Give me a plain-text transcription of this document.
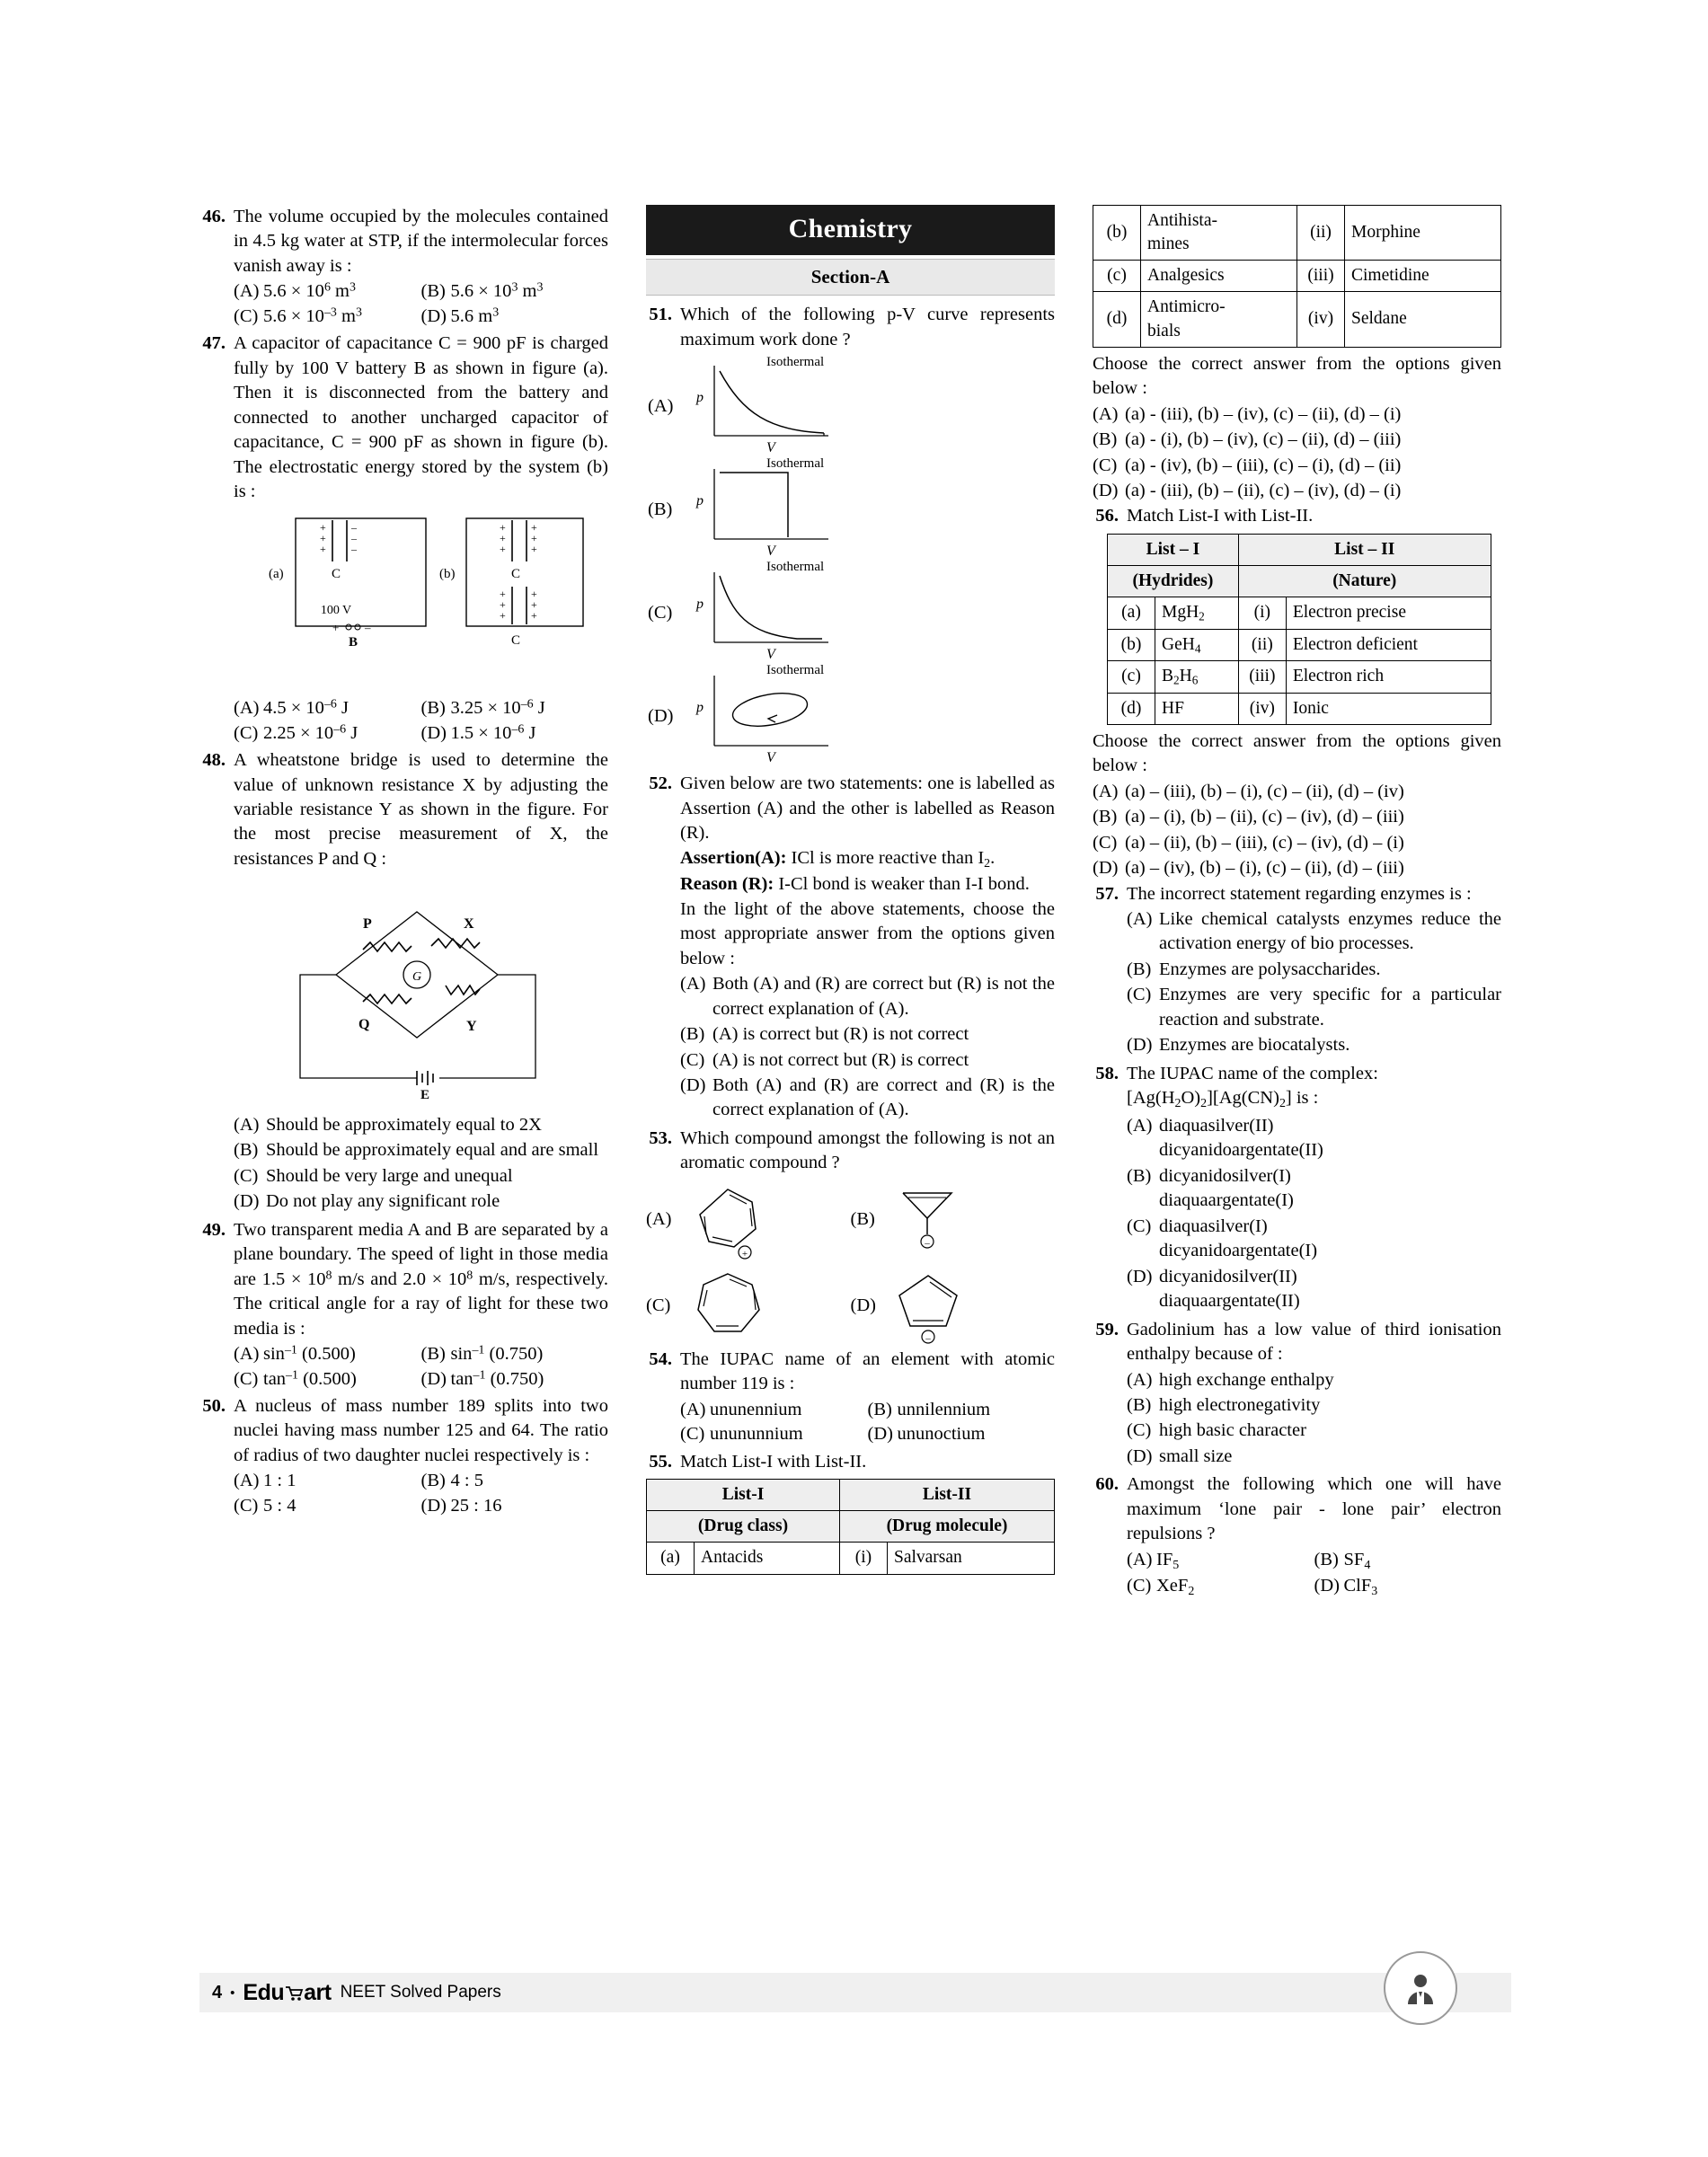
46. The volume occupied by the molecules contained in 4.5 kg water at STP, if the intermolecular forces vanish away is :
(A) $5.6 \times 10^6$ $m^3$	(B) $5.6 \times 10^3$ $m^3$
(C) $5.6 \times 10^{-3}$ $m^3$	(D) 5.6 $m^3$
47. A capacitor of capacitance C = 900 pF is charged fully by 100 V battery B as shown in figure (a). Then it is disconnected from the battery and connected to another uncharged capacitor of capacitance, C = 900 pF as shown in figure (b). The electrostatic energy stored by the system (b) is :
+ –
+ –
+ –
C
(a)
100 V
+ –
B
+ +
+ +
+ +
C
(b)
+ +
+ +
+ +
C
(A) $4.5 \times 10^{-6}$ J	(B) $3.25 \times 10^{-6}$ J
(C) $2.25 \times 10^{-6}$ J	(D) $1.5 \times 10^{-6}$ J
48. A wheatstone bridge is used to determine the value of unknown resistance X by adjusting the variable resistance Y as shown in the figure. For the most precise measurement of X, the resistances P and Q :
G
P	X
Q	Y
E
(A) Should be approximately equal to 2X
(B) Should be approximately equal and are small
(C) Should be very large and unequal
(D) Do not play any significant role
49. Two transparent media A and B are separated by a plane boundary. The speed of light in those media are $1.5 \times 10^8$ m/s and $2.0 \times 10^8$ m/s, respectively. The critical angle for a ray of light for these two media is :
(A) $\sin^{-1} (0.500)$	(B) $\sin^{-1} (0.750)$
(C) $\tan^{-1} (0.500)$	(D) $\tan^{-1} (0.750)$
50. A nucleus of mass number 189 splits into two nuclei having mass number 125 and 64. The ratio of radius of two daughter nuclei respectively is :
(A) 1 : 1	(B) 4 : 5
(C) 5 : 4	(D) 25 : 16
Chemistry
Section-A
51. Which of the following p-V curve represents maximum work done ?
(A)	p
Isothermal
V
(B)	p
Isothermal
V
(C)	p
Isothermal
V
(D)	p
Isothermal
V
52. Given below are two statements: one is labelled as Assertion (A) and the other is labelled as Reason (R).
Assertion(A): ICl is more reactive than $I_2$.
Reason (R): I-Cl bond is weaker than I-I bond.
In the light of the above statements, choose the most appropriate answer from the options given below :
(A) Both (A) and (R) are correct but (R) is not the correct explanation of (A).
(B) (A) is correct but (R) is not correct
(C) (A) is not correct but (R) is correct
(D) Both (A) and (R) are correct and (R) is the correct explanation of (A).
53. Which compound amongst the following is not an aromatic compound ?
(A)
+
(B)
–
(C)	(D)
–
54. The IUPAC name of an element with atomic number 119 is :
(A) ununennium	(B) unnilennium
(C) unununnium	(D) ununoctium
55. Match List-I with List-II.
List-I		List-II	
(Drug class)		(Drug molecule)	
(a)	Antacids	(i)	Salvarsan
(b)	Antihista-
mines	(ii)	Morphine
(c)	Analgesics	(iii)	Cimetidine
(d)	Antimicro-
bials	(iv)	Seldane
Choose the correct answer from the options given below :
(A) (a) - (iii), (b) – (iv), (c) – (ii), (d) – (i)
(B) (a) - (i), (b) – (iv), (c) – (ii), (d) – (iii)
(C) (a) - (iv), (b) – (iii), (c) – (i), (d) – (ii)
(D) (a) - (iii), (b) – (ii), (c) – (iv), (d) – (i)
56. Match List-I with List-II.
List – I		List – II	
(Hydrides)		(Nature)	
(a)	MgH$_2$	(i)	Electron precise
(b)	GeH$_4$	(ii)	Electron deficient
(c)	$B_2H_6$	(iii)	Electron rich
(d)	HF	(iv)	Ionic
Choose the correct answer from the options given below :
(A) (a) – (iii), (b) – (i), (c) – (ii), (d) – (iv)
(B) (a) – (i), (b) – (ii), (c) – (iv), (d) – (iii)
(C) (a) – (ii), (b) – (iii), (c) – (iv), (d) – (i)
(D) (a) – (iv), (b) – (i), (c) – (ii), (d) – (iii)
57. The incorrect statement regarding enzymes is :
(A) Like chemical catalysts enzymes reduce the activation energy of bio processes.
(B) Enzymes are polysaccharides.
(C) Enzymes are very specific for a particular reaction and substrate.
(D) Enzymes are biocatalysts.
58. The IUPAC name of the complex:
$[Ag(H_2O)_2][Ag(CN)_2]$ is :
(A) diaquasilver(II)
dicyanidoargentate(II)
(B) dicyanidosilver(I)
diaquaargentate(I)
(C) diaquasilver(I)
dicyanidoargentate(I)
(D) dicyanidosilver(II)
diaquaargentate(II)
59. Gadolinium has a low value of third ionisation enthalpy because of :
(A) high exchange enthalpy
(B) high electronegativity
(C) high basic character
(D) small size
60. Amongst the following which one will have maximum ‘lone pair - lone pair’ electron repulsions ?
(A) $IF_5$	(B) $SF_4$
(C) XeF$_2$	(D) ClF$_3$
4 • Edu art NEET Solved Papers
